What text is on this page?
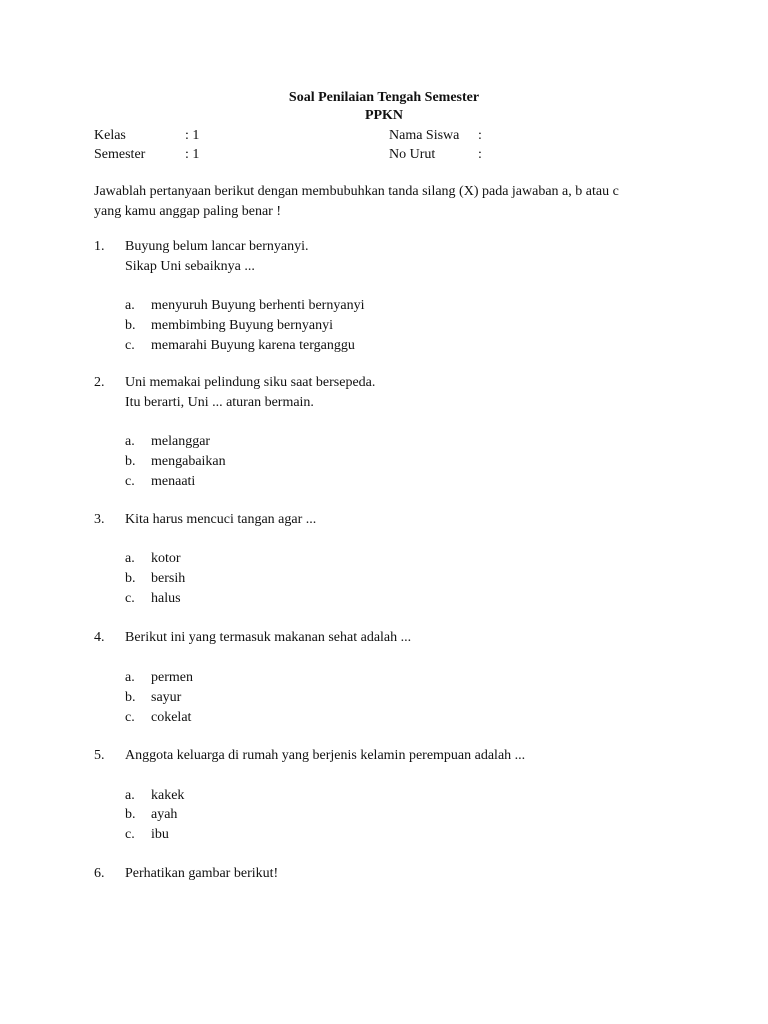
Soal Penilaian Tengah Semester
PPKN
Kelas	: 1
Semester	: 1
Nama Siswa :
No Urut	:
Jawablah pertanyaan berikut dengan membubuhkan tanda silang (X) pada jawaban a, b atau c
yang kamu anggap paling benar !
1. Buyung belum lancar bernyanyi.
Sikap Uni sebaiknya ...
a. menyuruh Buyung berhenti bernyanyi
b. membimbing Buyung bernyanyi
c. memarahi Buyung karena terganggu
2. Uni memakai pelindung siku saat bersepeda.
Itu berarti, Uni ... aturan bermain.
a. melanggar
b. mengabaikan
c. menaati
3. Kita harus mencuci tangan agar ...
a. kotor
b. bersih
c. halus
4. Berikut ini yang termasuk makanan sehat adalah ...
a. permen
b. sayur
c. cokelat
5. Anggota keluarga di rumah yang berjenis kelamin perempuan adalah ...
a. kakek
b. ayah
c. ibu
6. Perhatikan gambar berikut!
